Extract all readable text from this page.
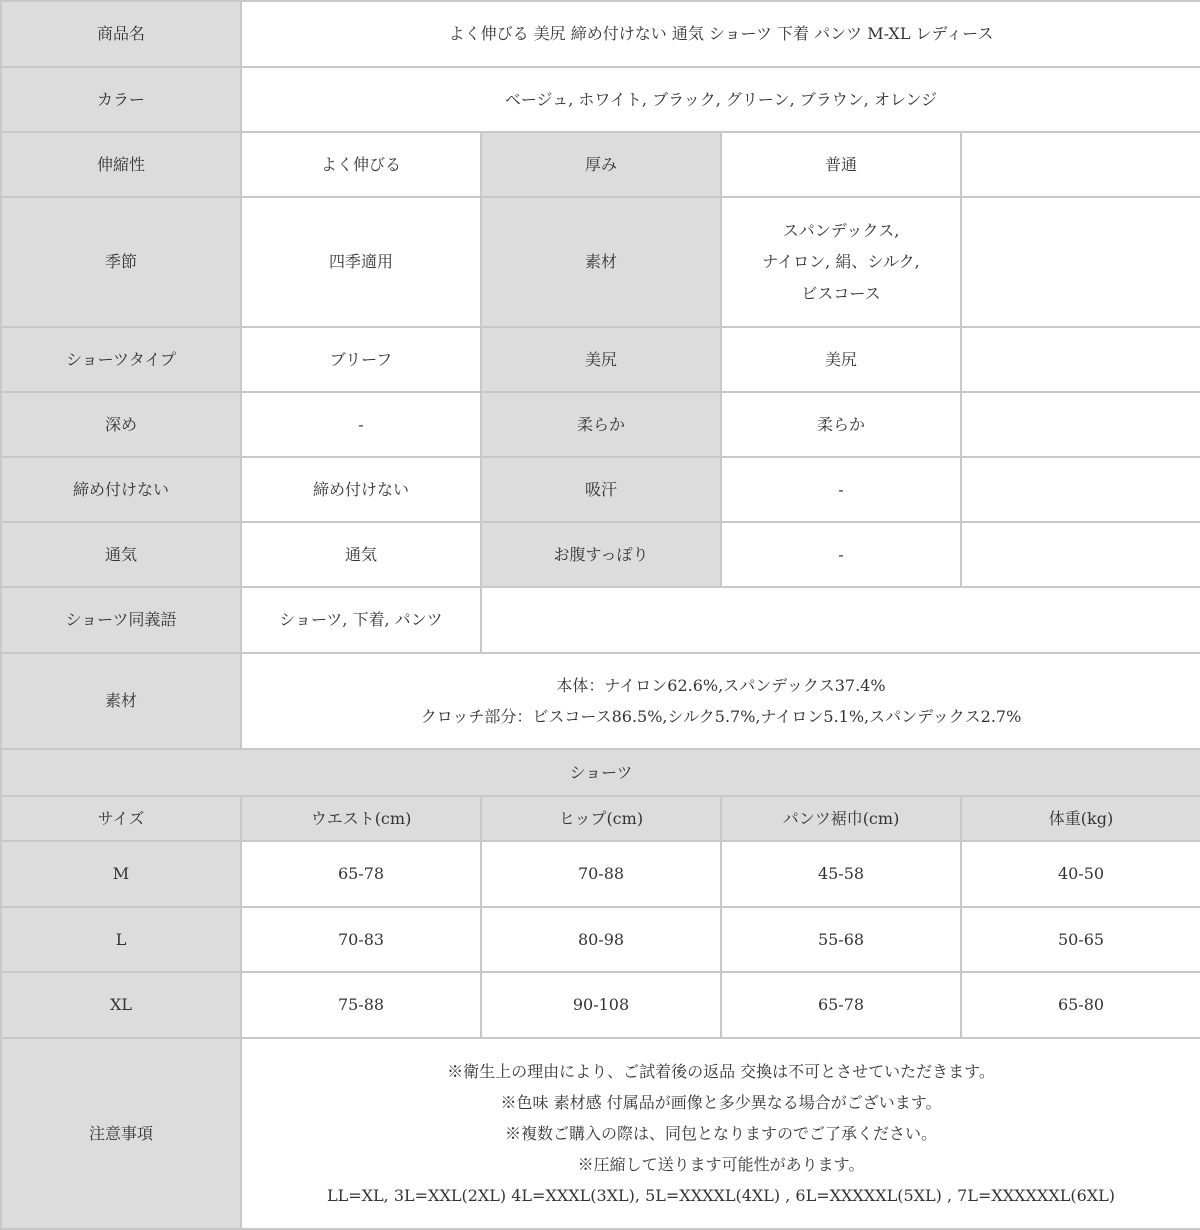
商品名	よく伸びる 美尻 締め付けない 通気 ショーツ 下着 パンツ M-XL レディース			
カラー	ベージュ, ホワイト, ブラック, グリーン, ブラウン, オレンジ			
伸縮性	よく伸びる	厚み	普通	
季節	四季適用	素材	スパンデックス,
ナイロン, 絹、シルク,
ビスコース	

ショーツタイプ	ブリーフ	美尻	美尻	
深め	-	柔らか	柔らか	
締め付けない	締め付けない	吸汗	-	
通気	通気	お腹すっぽり	-	
ショーツ同義語	ショーツ, 下着, パンツ			
素材	本体：ナイロン62.6%,スパンデックス37.4%
クロッチ部分：ビスコース86.5%,シルク5.7%,ナイロン5.1%,スパンデックス2.7%			

ショーツ				
サイズ	ウエスト(cm)	ヒップ(cm)	パンツ裾巾(cm)	体重(kg)
M	65-78	70-88	45-58	40-50
L	70-83	80-98	55-68	50-65
XL	75-88	90-108	65-78	65-80
注意事項	※衛生上の理由により、ご試着後の返品 交換は不可とさせていただきます。
※色味 素材感 付属品が画像と多少異なる場合がございます。
※複数ご購入の際は、同包となりますのでご了承ください。
※圧縮して送ります可能性があります。
LL=XL, 3L=XXL(2XL) 4L=XXXL(3XL), 5L=XXXXL(4XL) , 6L=XXXXXL(5XL) , 7L=XXXXXXL(6XL)			
